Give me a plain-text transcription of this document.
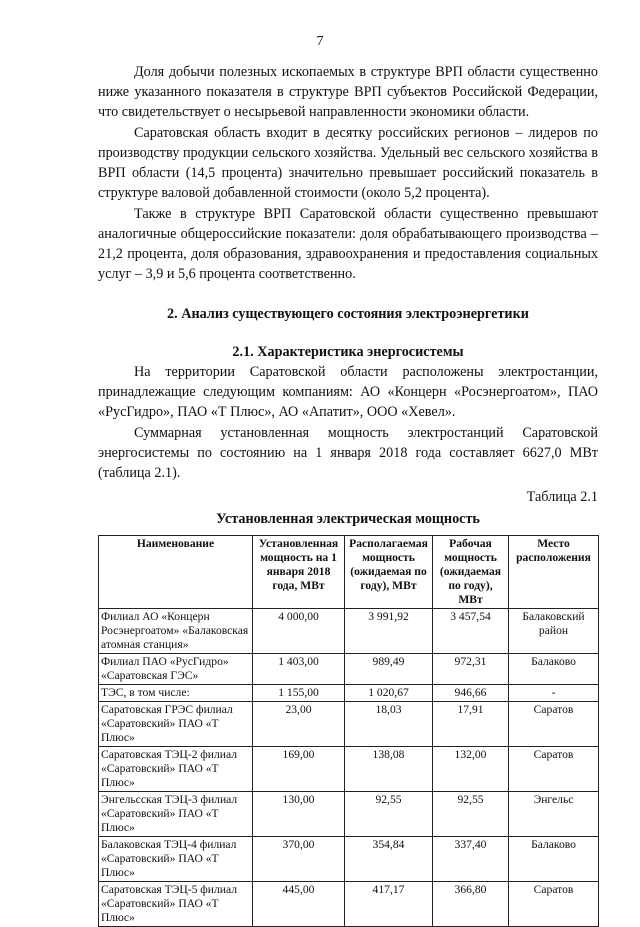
7

Доля добычи полезных ископаемых в структуре ВРП области существенно ниже указанного показателя в структуре ВРП субъектов Российской Федерации, что свидетельствует о несырьевой направленности экономики области.

Саратовская область входит в десятку российских регионов – лидеров по производству продукции сельского хозяйства. Удельный вес сельского хозяйства в ВРП области (14,5 процента) значительно превышает российский показатель в структуре валовой добавленной стоимости (около 5,2 процента).

Также в структуре ВРП Саратовской области существенно превышают аналогичные общероссийские показатели: доля обрабатывающего производства – 21,2 процента, доля образования, здравоохранения и предоставления социальных услуг – 3,9 и 5,6 процента соответственно.

2. Анализ существующего состояния электроэнергетики
2.1. Характеристика энергосистемы

На территории Саратовской области расположены электростанции, принадлежащие следующим компаниям: АО «Концерн «Росэнергоатом», ПАО «РусГидро», ПАО «Т Плюс», АО «Апатит», ООО «Хевел».

Суммарная установленная мощность электростанций Саратовской энергосистемы по состоянию на 1 января 2018 года составляет 6627,0 МВт (таблица 2.1).

Таблица 2.1
Установленная электрическая мощность
Наименование	Установленная мощность на 1 января 2018 года, МВт	Располагаемая мощность (ожидаемая по году), МВт	Рабочая мощность (ожидаемая по году), МВт	Место расположения
Филиал АО «Концерн Росэнергоатом» «Балаковская атомная станция»	4 000,00	3 991,92	3 457,54	Балаковский район
Филиал ПАО «РусГидро» «Саратовская ГЭС»	1 403,00	989,49	972,31	Балаково
ТЭС, в том числе:	1 155,00	1 020,67	946,66	-
Саратовская ГРЭС филиал «Саратовский» ПАО «Т Плюс»	23,00	18,03	17,91	Саратов
Саратовская ТЭЦ-2 филиал «Саратовский» ПАО «Т Плюс»	169,00	138,08	132,00	Саратов
Энгельсская ТЭЦ-3 филиал «Саратовский» ПАО «Т Плюс»	130,00	92,55	92,55	Энгельс
Балаковская ТЭЦ-4 филиал «Саратовский» ПАО «Т Плюс»	370,00	354,84	337,40	Балаково
Саратовская ТЭЦ-5 филиал «Саратовский» ПАО «Т Плюс»	445,00	417,17	366,80	Саратов
